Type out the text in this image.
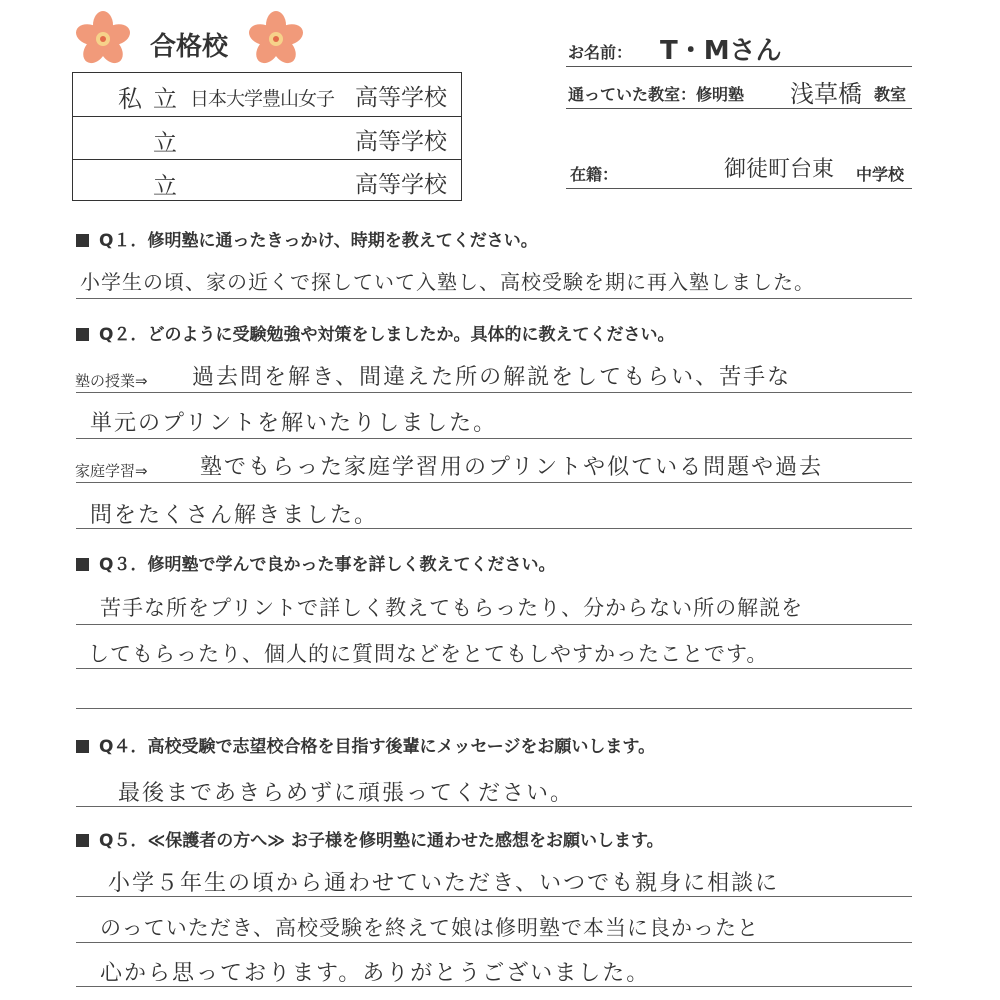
合格校
私 立 日本大学豊山女子 高等学校
立	高等学校
立	高等学校
お名前： T・Mさん
通っていた教室：修明塾 浅草橋 教室
在籍：	御徒町台東 中学校
Q１．修明塾に通ったきっかけ、時期を教えてください。
小学生の頃、家の近くで探していて入塾し、高校受験を期に再入塾しました。
Q２．どのように受験勉強や対策をしましたか。具体的に教えてください。
塾の授業⇒ 過去問を解き、間違えた所の解説をしてもらい、苦手な
単元のプリントを解いたりしました。
家庭学習⇒ 塾でもらった家庭学習用のプリントや似ている問題や過去
問をたくさん解きました。
Q３．修明塾で学んで良かった事を詳しく教えてください。
苦手な所をプリントで詳しく教えてもらったり、分からない所の解説を
してもらったり、個人的に質問などをとてもしやすかったことです。
Q４．高校受験で志望校合格を目指す後輩にメッセージをお願いします。
最後まであきらめずに頑張ってください。
Q５．≪保護者の方へ≫ お子様を修明塾に通わせた感想をお願いします。
小学５年生の頃から通わせていただき、いつでも親身に相談に
のっていただき、高校受験を終えて娘は修明塾で本当に良かったと
心から思っております。ありがとうございました。
